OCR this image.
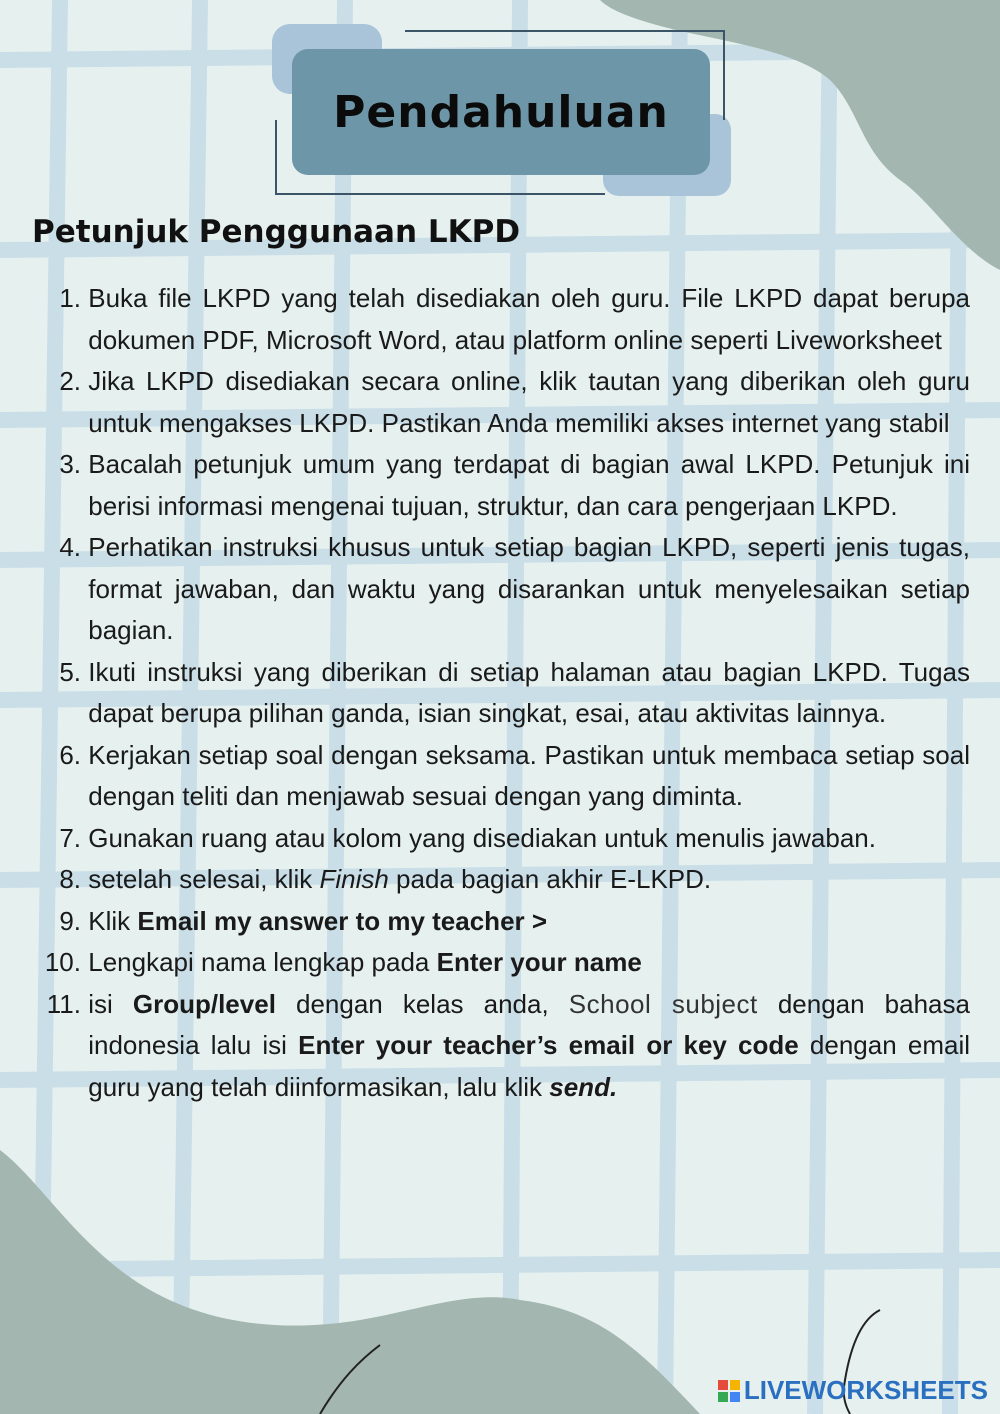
Pendahuluan
Petunjuk Penggunaan LKPD
1.
Buka file LKPD yang telah disediakan oleh guru. File LKPD dapat berupa dokumen PDF, Microsoft Word, atau platform online seperti Liveworksheet
2.
Jika LKPD disediakan secara online, klik tautan yang diberikan oleh guru untuk mengakses LKPD. Pastikan Anda memiliki akses internet yang stabil
3.
Bacalah petunjuk umum yang terdapat di bagian awal LKPD. Petunjuk ini berisi informasi mengenai tujuan, struktur, dan cara pengerjaan LKPD.
4.
Perhatikan instruksi khusus untuk setiap bagian LKPD, seperti jenis tugas, format jawaban, dan waktu yang disarankan untuk menyelesaikan setiap bagian.
5.
Ikuti instruksi yang diberikan di setiap halaman atau bagian LKPD. Tugas dapat berupa pilihan ganda, isian singkat, esai, atau aktivitas lainnya.
6.
Kerjakan setiap soal dengan seksama. Pastikan untuk membaca setiap soal dengan teliti dan menjawab sesuai dengan yang diminta.
7.
Gunakan ruang atau kolom yang disediakan untuk menulis jawaban.
8.
setelah selesai, klik Finish pada bagian akhir E-LKPD.
9.
Klik Email my answer to my teacher >
10.
Lengkapi nama lengkap pada Enter your name
11.
isi Group/level dengan kelas anda, School subject dengan bahasa indonesia lalu isi Enter your teacher’s email or key code dengan email guru yang telah diinformasikan, lalu klik send.
LIVEWORKSHEETS
